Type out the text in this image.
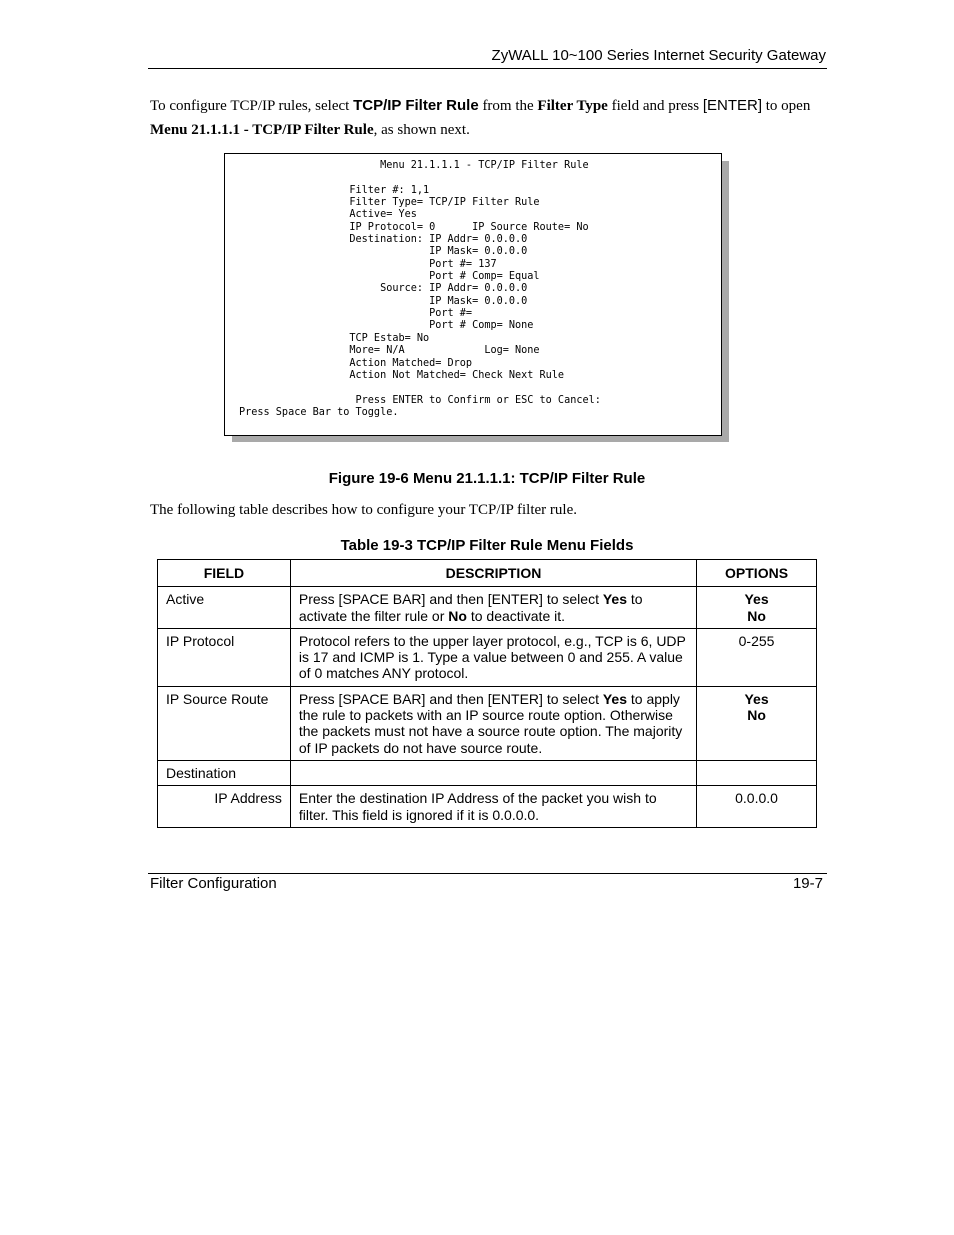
ZyWALL 10~100 Series Internet Security Gateway
To configure TCP/IP rules, select TCP/IP Filter Rule from the Filter Type field and press [ENTER] to open Menu 21.1.1.1 - TCP/IP Filter Rule, as shown next.
Menu 21.1.1.1 - TCP/IP Filter Rule

Filter #: 1,1
Filter Type= TCP/IP Filter Rule
Active= Yes
IP Protocol= 0      IP Source Route= No
Destination: IP Addr= 0.0.0.0
IP Mask= 0.0.0.0
Port #= 137
Port # Comp= Equal
Source: IP Addr= 0.0.0.0
IP Mask= 0.0.0.0
Port #=
Port # Comp= None
TCP Estab= No
More= N/A             Log= None
Action Matched= Drop
Action Not Matched= Check Next Rule

Press ENTER to Confirm or ESC to Cancel:
Press Space Bar to Toggle.
Figure 19-6 Menu 21.1.1.1: TCP/IP Filter Rule
The following table describes how to configure your TCP/IP filter rule.
Table 19-3 TCP/IP Filter Rule Menu Fields
FIELD	DESCRIPTION	OPTIONS
Active	Press [SPACE BAR] and then [ENTER] to select Yes to activate the filter rule or No to deactivate it.	Yes
No

IP Protocol	Protocol refers to the upper layer protocol, e.g., TCP is 6, UDP is 17 and ICMP is 1. Type a value between 0 and 255. A value of 0 matches ANY protocol.	0-255

IP Source Route	Press [SPACE BAR] and then [ENTER] to select Yes to apply the rule to packets with an IP source route option. Otherwise the packets must not have a source route option. The majority of IP packets do not have source route.	Yes
No

Destination		
IP Address	Enter the destination IP Address of the packet you wish to filter. This field is ignored if it is 0.0.0.0.	0.0.0.0
Filter Configuration	19-7
